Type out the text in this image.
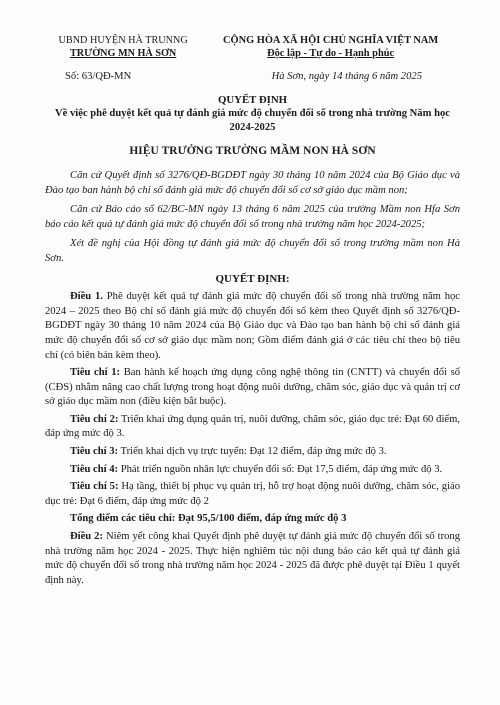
UBND HUYỆN HÀ TRUNNG
TRƯỜNG MN HÀ SƠN
CỘNG HÒA XÃ HỘI CHỦ NGHĨA VIỆT NAM
Độc lập - Tự do - Hạnh phúc
Số: 63/QĐ-MN	Hà Sơn, ngày 14 tháng 6 năm 2025
QUYẾT ĐỊNH
Về việc phê duyệt kết quả tự đánh giá mức độ chuyển đổi số trong nhà trường Năm học 2024-2025
HIỆU TRƯỞNG TRƯỜNG MẦM NON HÀ SƠN

Căn cứ Quyết định số 3276/QĐ-BGDĐT ngày 30 tháng 10 năm 2024 của Bộ Giáo dục và Đào tạo ban hành bộ chỉ số đánh giá mức độ chuyển đổi số cơ sở giáo dục mầm non;

Căn cứ Báo cáo số 62/BC-MN ngày 13 tháng 6 năm 2025 của trường Mầm non Hfa Sơn báo cáo kết quả tự đánh giá mức độ chuyển đổi số trong nhà trường năm học 2024-2025;

Xét đề nghị của Hội đồng tự đánh giá mức độ chuyển đổi số trong trường mầm non Hà Sơn.

QUYẾT ĐỊNH:

Điều 1. Phê duyệt kết quả tự đánh giá mức độ chuyển đổi số trong nhà trường năm học 2024 – 2025 theo Bộ chỉ số đánh giá mức độ chuyển đổi số kèm theo Quyết định số 3276/QĐ-BGDĐT ngày 30 tháng 10 năm 2024 của Bộ Giáo dục và Đào tạo ban hành bộ chỉ số đánh giá mức độ chuyển đổi số cơ sở giáo dục mầm non; Gồm điểm đánh giá ở các tiêu chí theo bộ tiêu chí (có biên bản kèm theo).

Tiêu chí 1: Ban hành kế hoạch ứng dụng công nghệ thông tin (CNTT) và chuyển đổi số (CĐS) nhằm nâng cao chất lượng trong hoạt động nuôi dưỡng, chăm sóc, giáo dục và quản trị cơ sở giáo dục mầm non (điều kiện bắt buộc).

Tiêu chí 2: Triển khai ứng dụng quản trị, nuôi dưỡng, chăm sóc, giáo dục trẻ: Đạt 60 điểm, đáp ứng mức độ 3.

Tiêu chí 3: Triển khai dịch vụ trực tuyến: Đạt 12 điểm, đáp ứng mức độ 3.

Tiêu chí 4: Phát triển nguồn nhân lực chuyển đổi số: Đạt 17,5 điểm, đáp ứng mức độ 3.

Tiêu chí 5: Hạ tầng, thiết bị phục vụ quản trị, hỗ trợ hoạt động nuôi dưỡng, chăm sóc, giáo dục trẻ: Đạt 6 điểm, đáp ứng mức độ 2

Tổng điểm các tiêu chí: Đạt 95,5/100 điểm, đáp ứng mức độ 3

Điều 2: Niêm yết công khai Quyết định phê duyệt tự đánh giá mức độ chuyển đổi số trong nhà trường năm học 2024 - 2025. Thực hiện nghiêm túc nội dung báo cáo kết quả tự đánh giá mức độ chuyển đổi số trong nhà trường năm học 2024 - 2025 đã được phê duyệt tại Điều 1 quyết định này.
